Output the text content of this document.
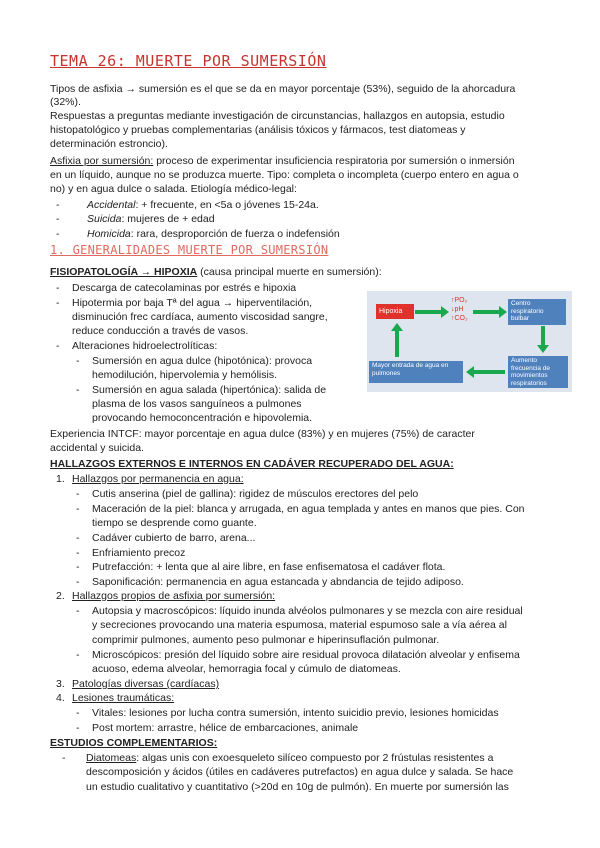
TEMA 26: MUERTE POR SUMERSIÓN
Tipos de asfixia → sumersión es el que se da en mayor porcentaje (53%), seguido de la ahorcadura
(32%).
Respuestas a preguntas mediante investigación de circunstancias, hallazgos en autopsia, estudio
histopatológico y pruebas complementarias (análisis tóxicos y fármacos, test diatomeas y
determinación estroncio).
Asfixia por sumersión: proceso de experimentar insuficiencia respiratoria por sumersión o inmersión
en un líquido, aunque no se produzca muerte. Tipo: completa o incompleta (cuerpo entero en agua o
no) y en agua dulce o salada. Etiología médico-legal:
-	Accidental: + frecuente, en <5a o jóvenes 15-24a.
-	Suicida: mujeres de + edad
-	Homicida: rara, desproporción de fuerza o indefensión
1. GENERALIDADES MUERTE POR SUMERSIÓN
FISIOPATOLOGÍA → HIPOXIA (causa principal muerte en sumersión):
- Descarga de catecolaminas por estrés e hipoxia
- Hipotermia por baja Tª del agua → hiperventilación,
disminución frec cardíaca, aumento viscosidad sangre,
reduce conducción a través de vasos.
- Alteraciones hidroelectrolíticas:
- Sumersión en agua dulce (hipotónica): provoca
hemodilución, hipervolemia y hemólisis.
- Sumersión en agua salada (hipertónica): salida de
plasma de los vasos sanguíneos a pulmones
provocando hemoconcentración e hipovolemia.
Experiencia INTCF: mayor porcentaje en agua dulce (83%) y en mujeres (75%) de caracter
accidental y suicida.
Hipoxia
↑PO₂
↓pH
↑CO₂
Centro respiratorio bulbar
Aumento frecuencia de movimientos respiratorios
Mayor entrada de agua en pulmones
HALLAZGOS EXTERNOS E INTERNOS EN CADÁVER RECUPERADO DEL AGUA:
1. Hallazgos por permanencia en agua:
- Cutis anserina (piel de gallina): rigidez de músculos erectores del pelo
- Maceración de la piel: blanca y arrugada, en agua templada y antes en manos que pies. Con
tiempo se desprende como guante.
- Cadáver cubierto de barro, arena...
- Enfriamiento precoz
- Putrefacción: + lenta que al aire libre, en fase enfisematosa el cadáver flota.
- Saponificación: permanencia en agua estancada y abndancia de tejido adiposo.
2. Hallazgos propios de asfixia por sumersión:
- Autopsia y macroscópicos: líquido inunda alvéolos pulmonares y se mezcla con aire residual
y secreciones provocando una materia espumosa, material espumoso sale a vía aérea al
comprimir pulmones, aumento peso pulmonar e hiperinsuflación pulmonar.
- Microscópicos: presión del líquido sobre aire residual provoca dilatación alveolar y enfisema
acuoso, edema alveolar, hemorragia focal y cúmulo de diatomeas.
3. Patologías diversas (cardíacas)
4. Lesiones traumáticas:
- Vitales: lesiones por lucha contra sumersión, intento suicidio previo, lesiones homicidas
- Post mortem: arrastre, hélice de embarcaciones, animale
ESTUDIOS COMPLEMENTARIOS:
- Diatomeas: algas unis con exoesqueleto silíceo compuesto por 2 frústulas resistentes a
descomposición y ácidos (útiles en cadáveres putrefactos) en agua dulce y salada. Se hace
un estudio cualitativo y cuantitativo (>20d en 10g de pulmón). En muerte por sumersión las
